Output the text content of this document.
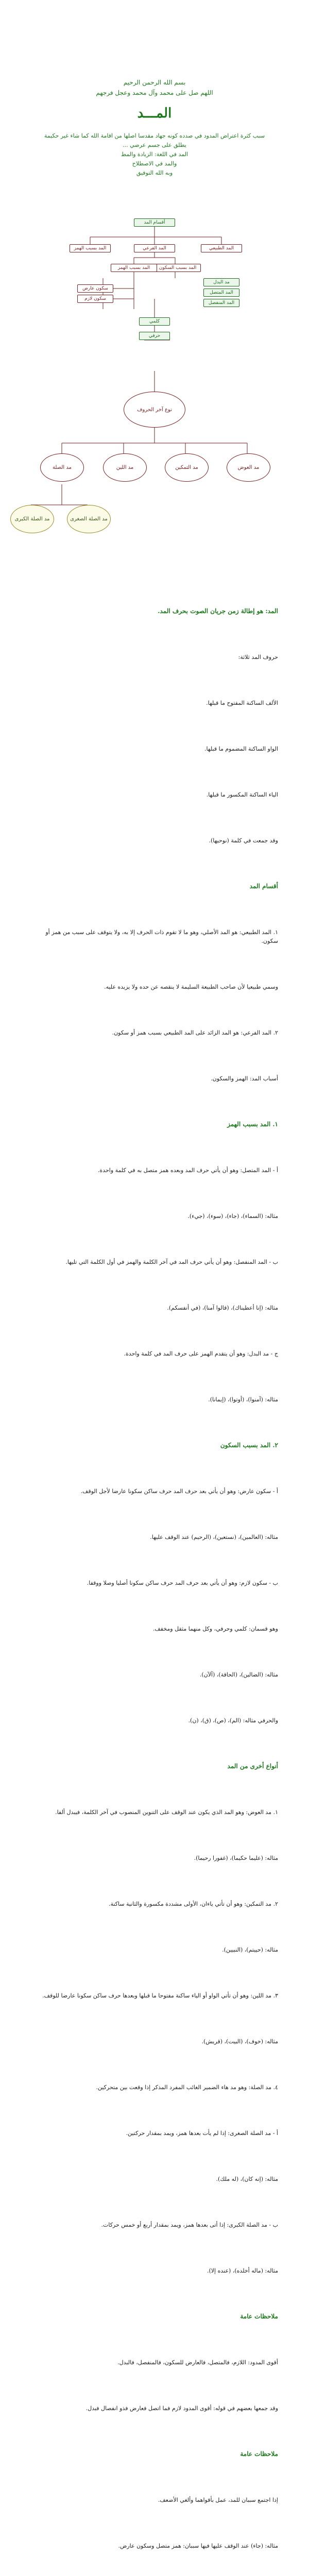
بسم الله الرحمن الرحيم
اللهم صل على محمد وآل محمد وعجل فرجهم
المـــد
سبب كثرة اعتراض المدود في صدده كونه جهاد مقدسا اصلها من اقامة الله كما شاء غير حكيمة
يطلق على جسم عرضي ...
المد في اللغة: الزيادة والمط
والمد في الاصطلاح
وبه الله التوفيق
أقسام المد
المد الطبيعي
المد الفرعي
المد بسبب الهمز
المد بسبب السكون
المد بسبب الهمز
مد البدل
المد المتصل
المد المنفصل
سكون عارض
سكون لازم
كلمي
حرفي
نوع آخر الحروف
مد العوض
مد التمكين
مد اللين
مد الصلة
مد الصلة الصغرى
مد الصلة الكبرى

المد: هو إطالة زمن جريان الصوت بحرف المد.

حروف المد ثلاثة:

الألف الساكنة المفتوح ما قبلها.

الواو الساكنة المضموم ما قبلها.

الياء الساكنة المكسور ما قبلها.

وقد جمعت في كلمة (نوحيها).

أقسام المد

١. المد الطبيعي: هو المد الأصلي، وهو ما لا تقوم ذات الحرف إلا به، ولا يتوقف على سبب من همز أو سكون.

وسمي طبيعيا لأن صاحب الطبيعة السليمة لا ينقصه عن حده ولا يزيده عليه.

٢. المد الفرعي: هو المد الزائد على المد الطبيعي بسبب همز أو سكون.

أسباب المد: الهمز والسكون.

١. المد بسبب الهمز

أ - المد المتصل: وهو أن يأتي حرف المد وبعده همز متصل به في كلمة واحدة.

مثاله: (السماء)، (جاء)، (سوء)، (جيء).

ب - المد المنفصل: وهو أن يأتي حرف المد في آخر الكلمة والهمز في أول الكلمة التي تليها.

مثاله: (إنا أعطيناك)، (قالوا آمنا)، (في أنفسكم).

ج - مد البدل: وهو أن يتقدم الهمز على حرف المد في كلمة واحدة.

مثاله: (آمنوا)، (أوتوا)، (إيمانا).

٢. المد بسبب السكون

أ - سكون عارض: وهو أن يأتي بعد حرف المد حرف ساكن سكونا عارضا لأجل الوقف.

مثاله: (العالمين)، (نستعين)، (الرحيم) عند الوقف عليها.

ب - سكون لازم: وهو أن يأتي بعد حرف المد حرف ساكن سكونا أصليا وصلا ووقفا.

وهو قسمان: كلمي وحرفي، وكل منهما مثقل ومخفف.

مثاله: (الضالين)، (الحاقة)، (آلآن).

والحرفي مثاله: (الم)، (ص)، (ق)، (ن).

أنواع أخرى من المد

١. مد العوض: وهو المد الذي يكون عند الوقف على التنوين المنصوب في آخر الكلمة، فيبدل ألفا.

مثاله: (عليما حكيما)، (غفورا رحيما).

٢. مد التمكين: وهو أن تأتي ياءان، الأولى مشددة مكسورة والثانية ساكنة.

مثاله: (حييتم)، (النبيين).

٣. مد اللين: وهو أن تأتي الواو أو الياء ساكنة مفتوحا ما قبلها وبعدها حرف ساكن سكونا عارضا للوقف.

مثاله: (خوف)، (البيت)، (قريش).

٤. مد الصلة: وهو مد هاء الضمير الغائب المفرد المذكر إذا وقعت بين متحركين.

أ - مد الصلة الصغرى: إذا لم يأت بعدها همز، ويمد بمقدار حركتين.

مثاله: (إنه كان)، (له ملك).

ب - مد الصلة الكبرى: إذا أتى بعدها همز، ويمد بمقدار أربع أو خمس حركات.

مثاله: (ماله أخلده)، (عنده إلا).

ملاحظات عامة

أقوى المدود: اللازم، فالمتصل، فالعارض للسكون، فالمنفصل، فالبدل.

وقد جمعها بعضهم في قوله: أقوى المدود لازم فما اتصل فعارض فذو انفصال فبدل.

ملاحظات عامة

إذا اجتمع سببان للمد، عمل بأقواهما وألغي الأضعف.

مثاله: (جاء) عند الوقف عليها فيها سببان: همز متصل وسكون عارض.
